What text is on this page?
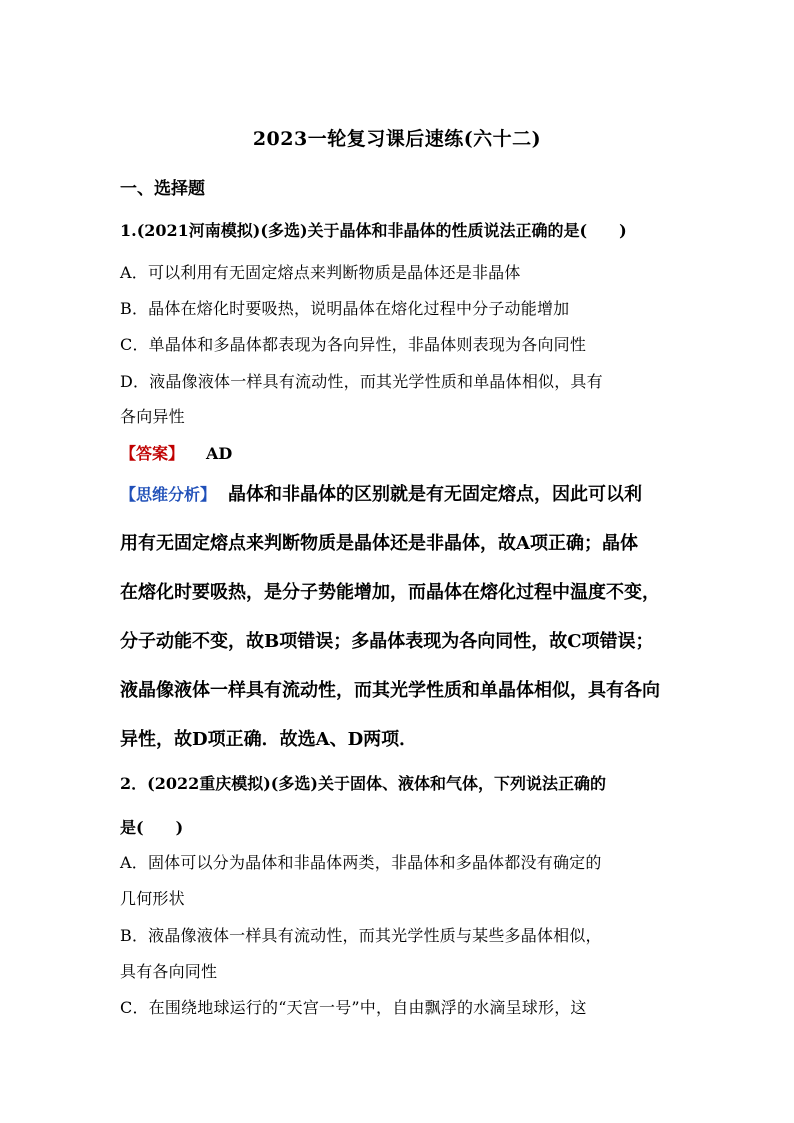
2023一轮复习课后速练(六十二)
一、选择题
1.(2021河南模拟)(多选)关于晶体和非晶体的性质说法正确的是(　　)
A．可以利用有无固定熔点来判断物质是晶体还是非晶体
B．晶体在熔化时要吸热，说明晶体在熔化过程中分子动能增加
C．单晶体和多晶体都表现为各向异性，非晶体则表现为各向同性
D．液晶像液体一样具有流动性，而其光学性质和单晶体相似，具有
各向异性
【答案】 AD
【思维分析】 晶体和非晶体的区别就是有无固定熔点，因此可以利
用有无固定熔点来判断物质是晶体还是非晶体，故A项正确；晶体
在熔化时要吸热，是分子势能增加，而晶体在熔化过程中温度不变，
分子动能不变，故B项错误；多晶体表现为各向同性，故C项错误；
液晶像液体一样具有流动性，而其光学性质和单晶体相似，具有各向
异性，故D项正确．故选A、D两项．
2．(2022重庆模拟)(多选)关于固体、液体和气体，下列说法正确的
是(　　)
A．固体可以分为晶体和非晶体两类，非晶体和多晶体都没有确定的
几何形状
B．液晶像液体一样具有流动性，而其光学性质与某些多晶体相似，
具有各向同性
C．在围绕地球运行的“天宫一号”中，自由飘浮的水滴呈球形，这
